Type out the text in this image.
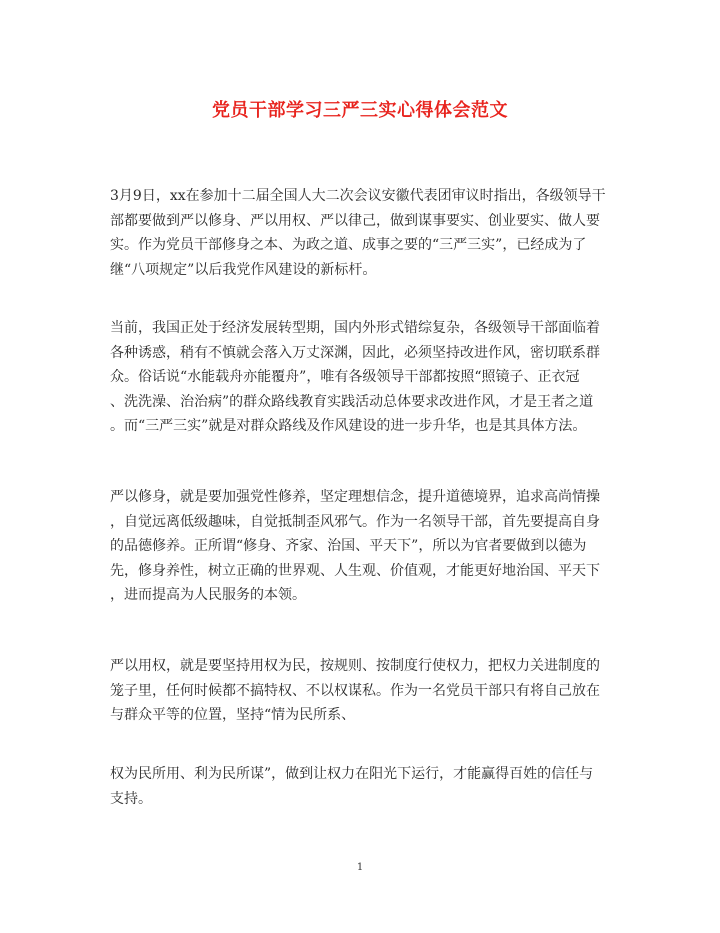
党员干部学习三严三实心得体会范文

3月9日，xx在参加十二届全国人大二次会议安徽代表团审议时指出，各级领导干
部都要做到严以修身、严以用权、严以律己，做到谋事要实、创业要实、做人要
实。作为党员干部修身之本、为政之道、成事之要的“三严三实”，已经成为了
继“八项规定”以后我党作风建设的新标杆。

当前，我国正处于经济发展转型期，国内外形式错综复杂，各级领导干部面临着
各种诱惑，稍有不慎就会落入万丈深渊，因此，必须坚持改进作风，密切联系群
众。俗话说“水能载舟亦能覆舟”，唯有各级领导干部都按照“照镜子、正衣冠
、洗洗澡、治治病”的群众路线教育实践活动总体要求改进作风，才是王者之道
。而“三严三实”就是对群众路线及作风建设的进一步升华，也是其具体方法。

严以修身，就是要加强党性修养，坚定理想信念，提升道德境界，追求高尚情操
，自觉远离低级趣味，自觉抵制歪风邪气。作为一名领导干部，首先要提高自身
的品德修养。正所谓“修身、齐家、治国、平天下”，所以为官者要做到以德为
先，修身养性，树立正确的世界观、人生观、价值观，才能更好地治国、平天下
，进而提高为人民服务的本领。

严以用权，就是要坚持用权为民，按规则、按制度行使权力，把权力关进制度的
笼子里，任何时候都不搞特权、不以权谋私。作为一名党员干部只有将自己放在
与群众平等的位置，坚持“情为民所系、

权为民所用、利为民所谋”，做到让权力在阳光下运行，才能赢得百姓的信任与
支持。

1
